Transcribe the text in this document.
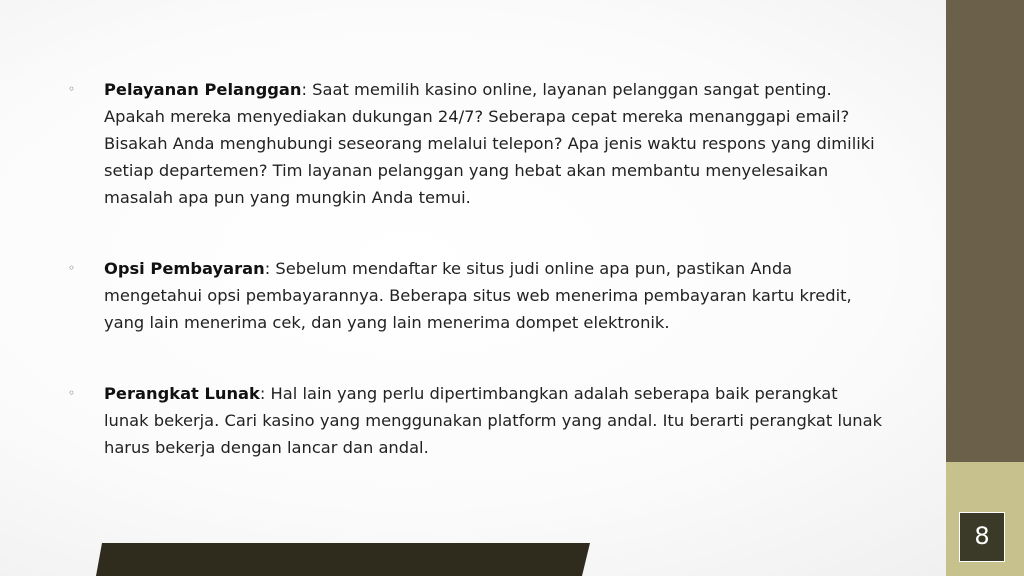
◦ Pelayanan Pelanggan: Saat memilih kasino online, layanan pelanggan sangat penting. Apakah mereka menyediakan dukungan 24/7? Seberapa cepat mereka menanggapi email? Bisakah Anda menghubungi seseorang melalui telepon? Apa jenis waktu respons yang dimiliki setiap departemen? Tim layanan pelanggan yang hebat akan membantu menyelesaikan masalah apa pun yang mungkin Anda temui.
◦ Opsi Pembayaran: Sebelum mendaftar ke situs judi online apa pun, pastikan Anda mengetahui opsi pembayarannya. Beberapa situs web menerima pembayaran kartu kredit, yang lain menerima cek, dan yang lain menerima dompet elektronik.
◦ Perangkat Lunak: Hal lain yang perlu dipertimbangkan adalah seberapa baik perangkat lunak bekerja. Cari kasino yang menggunakan platform yang andal. Itu berarti perangkat lunak harus bekerja dengan lancar dan andal.
8
